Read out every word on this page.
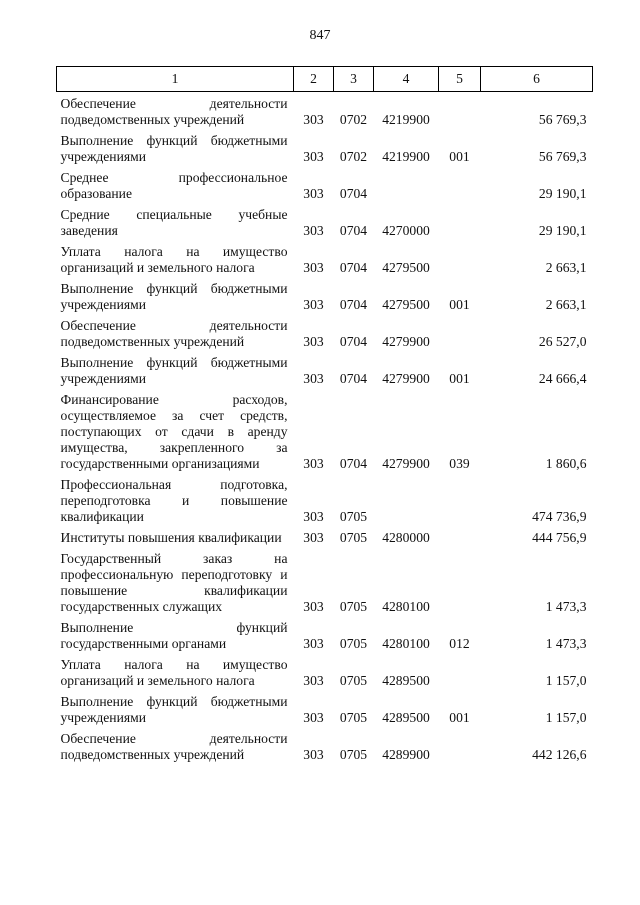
847
1	2	3	4	5	6

Обеспечение деятельности
подведомственных учреждений	303	0702	4219900		56 769,3

Выполнение функций бюджетными
учреждениями	303	0702	4219900	001	56 769,3

Среднее профессиональное
образование	303	0704			29 190,1

Средние специальные учебные
заведения	303	0704	4270000		29 190,1

Уплата налога на имущество
организаций и земельного налога	303	0704	4279500		2 663,1

Выполнение функций бюджетными
учреждениями	303	0704	4279500	001	2 663,1

Обеспечение деятельности
подведомственных учреждений	303	0704	4279900		26 527,0

Выполнение функций бюджетными
учреждениями	303	0704	4279900	001	24 666,4

Финансирование расходов,
осуществляемое за счет средств,
поступающих от сдачи в аренду
имущества, закрепленного за
государственными организациями	303	0704	4279900	039	1 860,6

Профессиональная подготовка,
переподготовка и повышение
квалификации	303	0705			474 736,9

Институты повышения квалификации	303	0705	4280000		444 756,9

Государственный заказ на
профессиональную переподготовку и
повышение квалификации
государственных служащих	303	0705	4280100		1 473,3

Выполнение функций
государственными органами	303	0705	4280100	012	1 473,3

Уплата налога на имущество
организаций и земельного налога	303	0705	4289500		1 157,0

Выполнение функций бюджетными
учреждениями	303	0705	4289500	001	1 157,0

Обеспечение деятельности
подведомственных учреждений	303	0705	4289900		442 126,6
